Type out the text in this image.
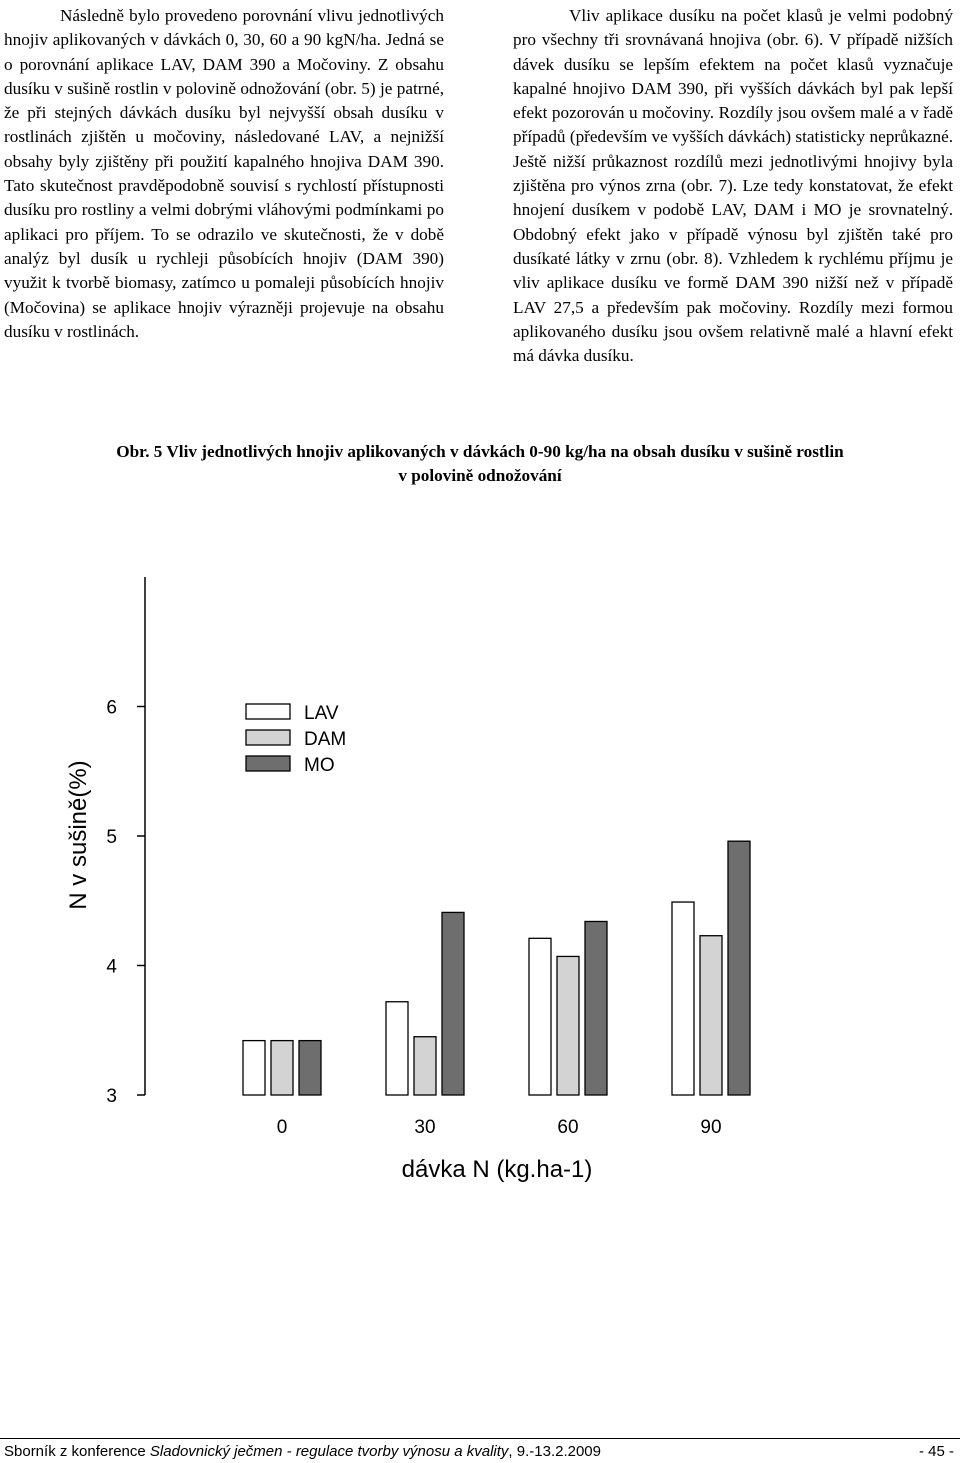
Následně bylo provedeno porovnání vlivu jednotlivých hnojiv aplikovaných v dávkách 0, 30, 60 a 90 kgN/ha. Jedná se o porovnání aplikace LAV, DAM 390 a Močoviny. Z obsahu dusíku v sušině rostlin v polovině odnožování (obr. 5) je patrné, že při stejných dávkách dusíku byl nejvyšší obsah dusíku v rostlinách zjištěn u močoviny, následované LAV, a nejnižší obsahy byly zjištěny při použití kapalného hnojiva DAM 390. Tato skutečnost pravděpodobně souvisí s rychlostí přístupnosti dusíku pro rostliny a velmi dobrými vláhovými podmínkami po aplikaci pro příjem. To se odrazilo ve skutečnosti, že v době analýz byl dusík u rychleji působících hnojiv (DAM 390) využit k tvorbě biomasy, zatímco u pomaleji působících hnojiv (Močovina) se aplikace hnojiv výrazněji projevuje na obsahu dusíku v rostlinách.

Vliv aplikace dusíku na počet klasů je velmi podobný pro všechny tři srovnávaná hnojiva (obr. 6). V případě nižších dávek dusíku se lepším efektem na počet klasů vyznačuje kapalné hnojivo DAM 390, při vyšších dávkách byl pak lepší efekt pozorován u močoviny. Rozdíly jsou ovšem malé a v řadě případů (především ve vyšších dávkách) statisticky neprůkazné. Ještě nižší průkaznost rozdílů mezi jednotlivými hnojivy byla zjištěna pro výnos zrna (obr. 7). Lze tedy konstatovat, že efekt hnojení dusíkem v podobě LAV, DAM i MO je srovnatelný. Obdobný efekt jako v případě výnosu byl zjištěn také pro dusíkaté látky v zrnu (obr. 8). Vzhledem k rychlému příjmu je vliv aplikace dusíku ve formě DAM 390 nižší než v případě LAV 27,5 a především pak močoviny. Rozdíly mezi formou aplikovaného dusíku jsou ovšem relativně malé a hlavní efekt má dávka dusíku.

Obr. 5 Vliv jednotlivých hnojiv aplikovaných v dávkách 0-90 kg/ha na obsah dusíku v sušině rostlin
v polovině odnožování
3
4
5
6
N v sušině(%)
0	30	60	90
dávka N (kg.ha-1)
LAV
DAM
MO
Sborník z konference Sladovnický ječmen - regulace tvorby výnosu a kvality, 9.-13.2.2009	- 45 -
